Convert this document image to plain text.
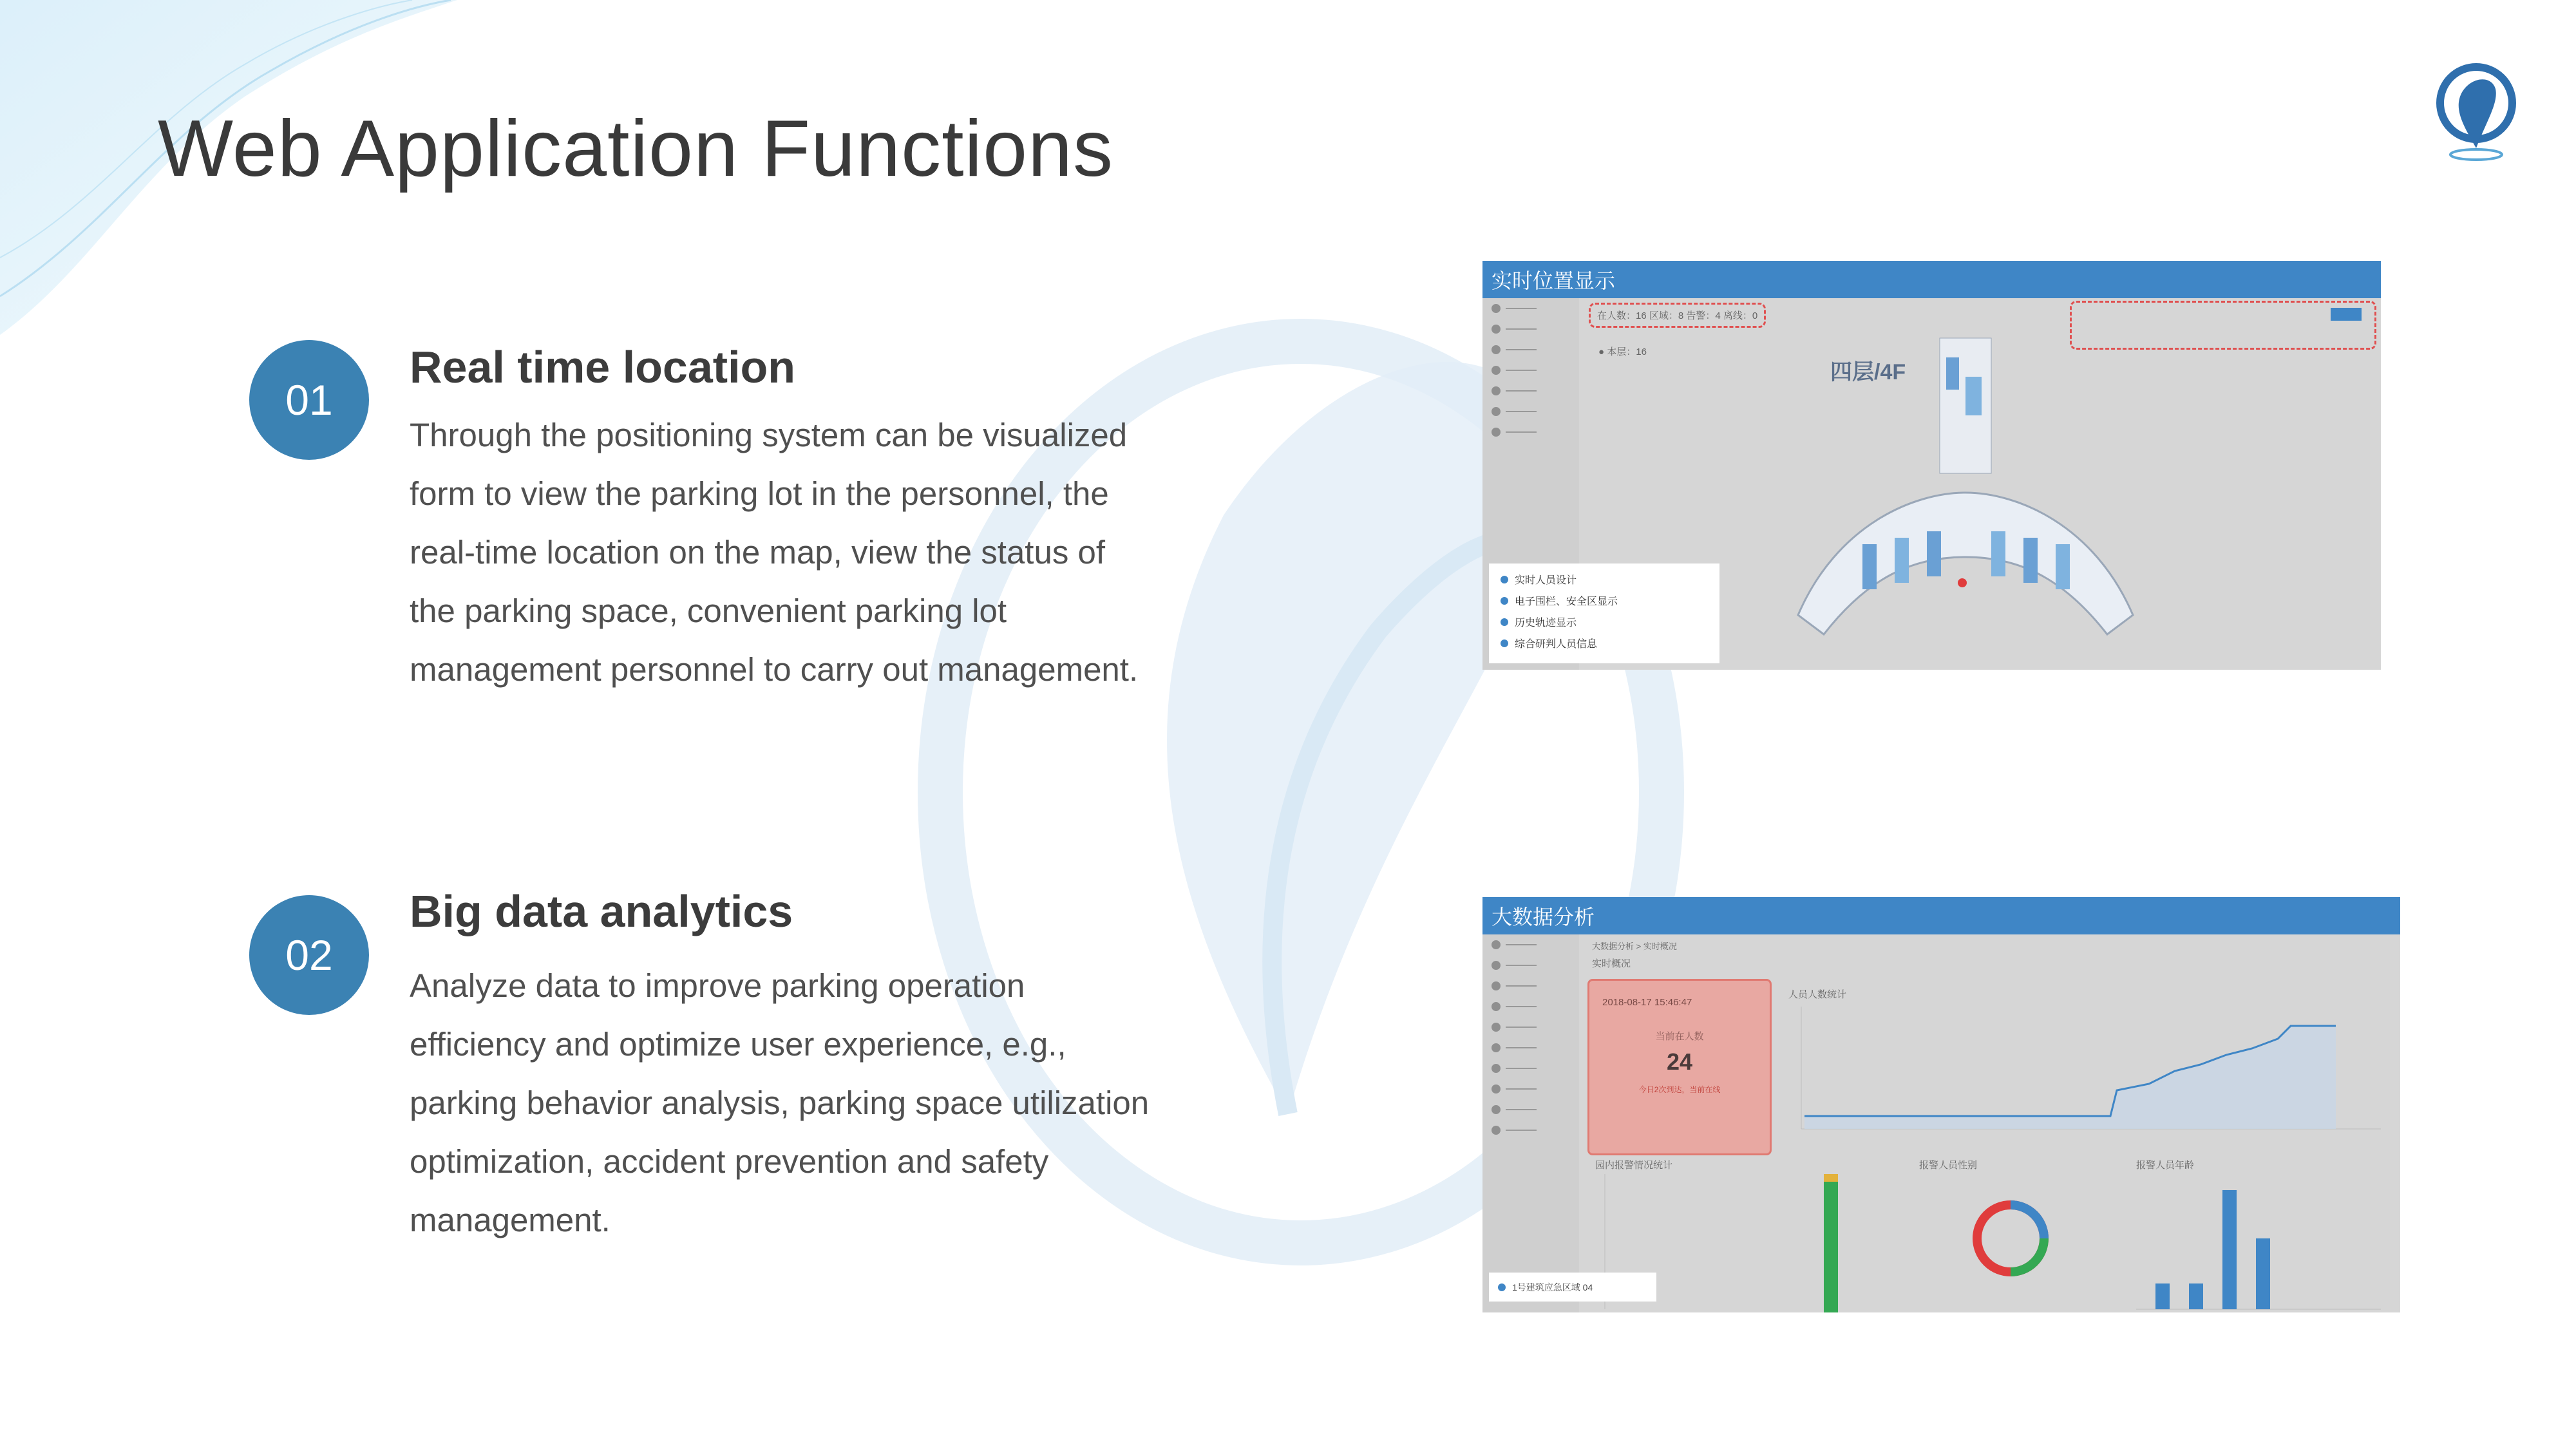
Web Application Functions
01
Real time location
Through the positioning system can be visualized
form to view the parking lot in the personnel, the
real-time location on the map, view the status of
the parking space, convenient parking lot
management personnel to carry out management.
02
Big data analytics
Analyze data to improve parking operation
efficiency and optimize user experience, e.g.,
parking behavior analysis, parking space utilization
optimization, accident prevention and safety
management.
实时位置显示
———
———
———
———
———
———
———
在人数：16 区域：8 告警：4 离线：0
● 本层：16
四层/4F
实时人员设计
电子围栏、安全区显示
历史轨迹显示
综合研判人员信息
大数据分析
———
———
———
———
———
———
———
———
———
———
大数据分析 > 实时概况
实时概况
2018-08-17 15:46:47
当前在人数
24
今日2次到达，当前在线
人员人数统计
园内报警情况统计	报警人员性别	报警人员年龄
1号建筑应急区域 04
